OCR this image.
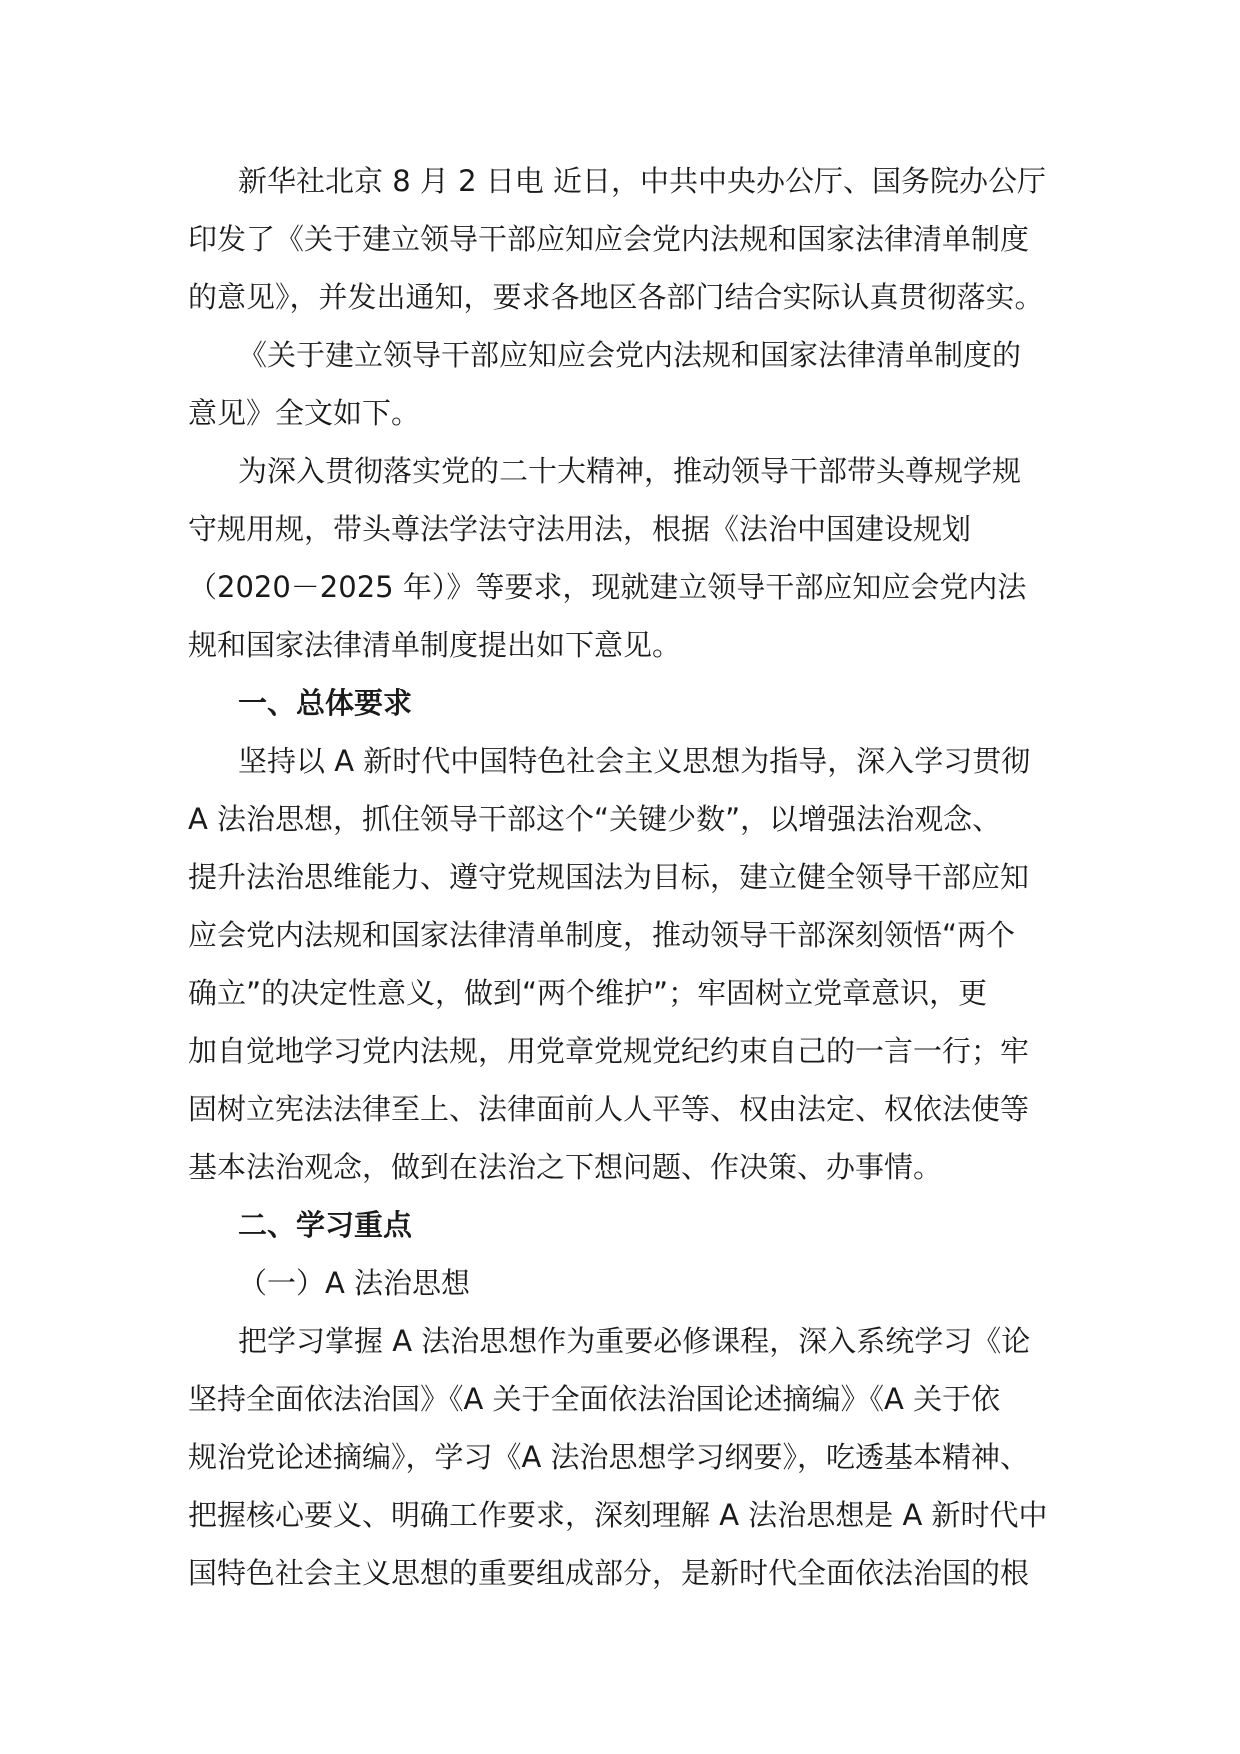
新华社北京 8 月 2 日电 近日，中共中央办公厅、国务院办公厅
印发了《关于建立领导干部应知应会党内法规和国家法律清单制度
的意见》，并发出通知，要求各地区各部门结合实际认真贯彻落实。
《关于建立领导干部应知应会党内法规和国家法律清单制度的
意见》全文如下。
为深入贯彻落实党的二十大精神，推动领导干部带头尊规学规
守规用规，带头尊法学法守法用法，根据《法治中国建设规划
（2020－2025 年）》等要求，现就建立领导干部应知应会党内法
规和国家法律清单制度提出如下意见。
一、总体要求
坚持以 A 新时代中国特色社会主义思想为指导，深入学习贯彻
A 法治思想，抓住领导干部这个“关键少数”，以增强法治观念、
提升法治思维能力、遵守党规国法为目标，建立健全领导干部应知
应会党内法规和国家法律清单制度，推动领导干部深刻领悟“两个
确立”的决定性意义，做到“两个维护”；牢固树立党章意识，更
加自觉地学习党内法规，用党章党规党纪约束自己的一言一行；牢
固树立宪法法律至上、法律面前人人平等、权由法定、权依法使等
基本法治观念，做到在法治之下想问题、作决策、办事情。
二、学习重点
（一）A 法治思想
把学习掌握 A 法治思想作为重要必修课程，深入系统学习《论
坚持全面依法治国》《A 关于全面依法治国论述摘编》《A 关于依
规治党论述摘编》，学习《A 法治思想学习纲要》，吃透基本精神、
把握核心要义、明确工作要求，深刻理解 A 法治思想是 A 新时代中
国特色社会主义思想的重要组成部分，是新时代全面依法治国的根
